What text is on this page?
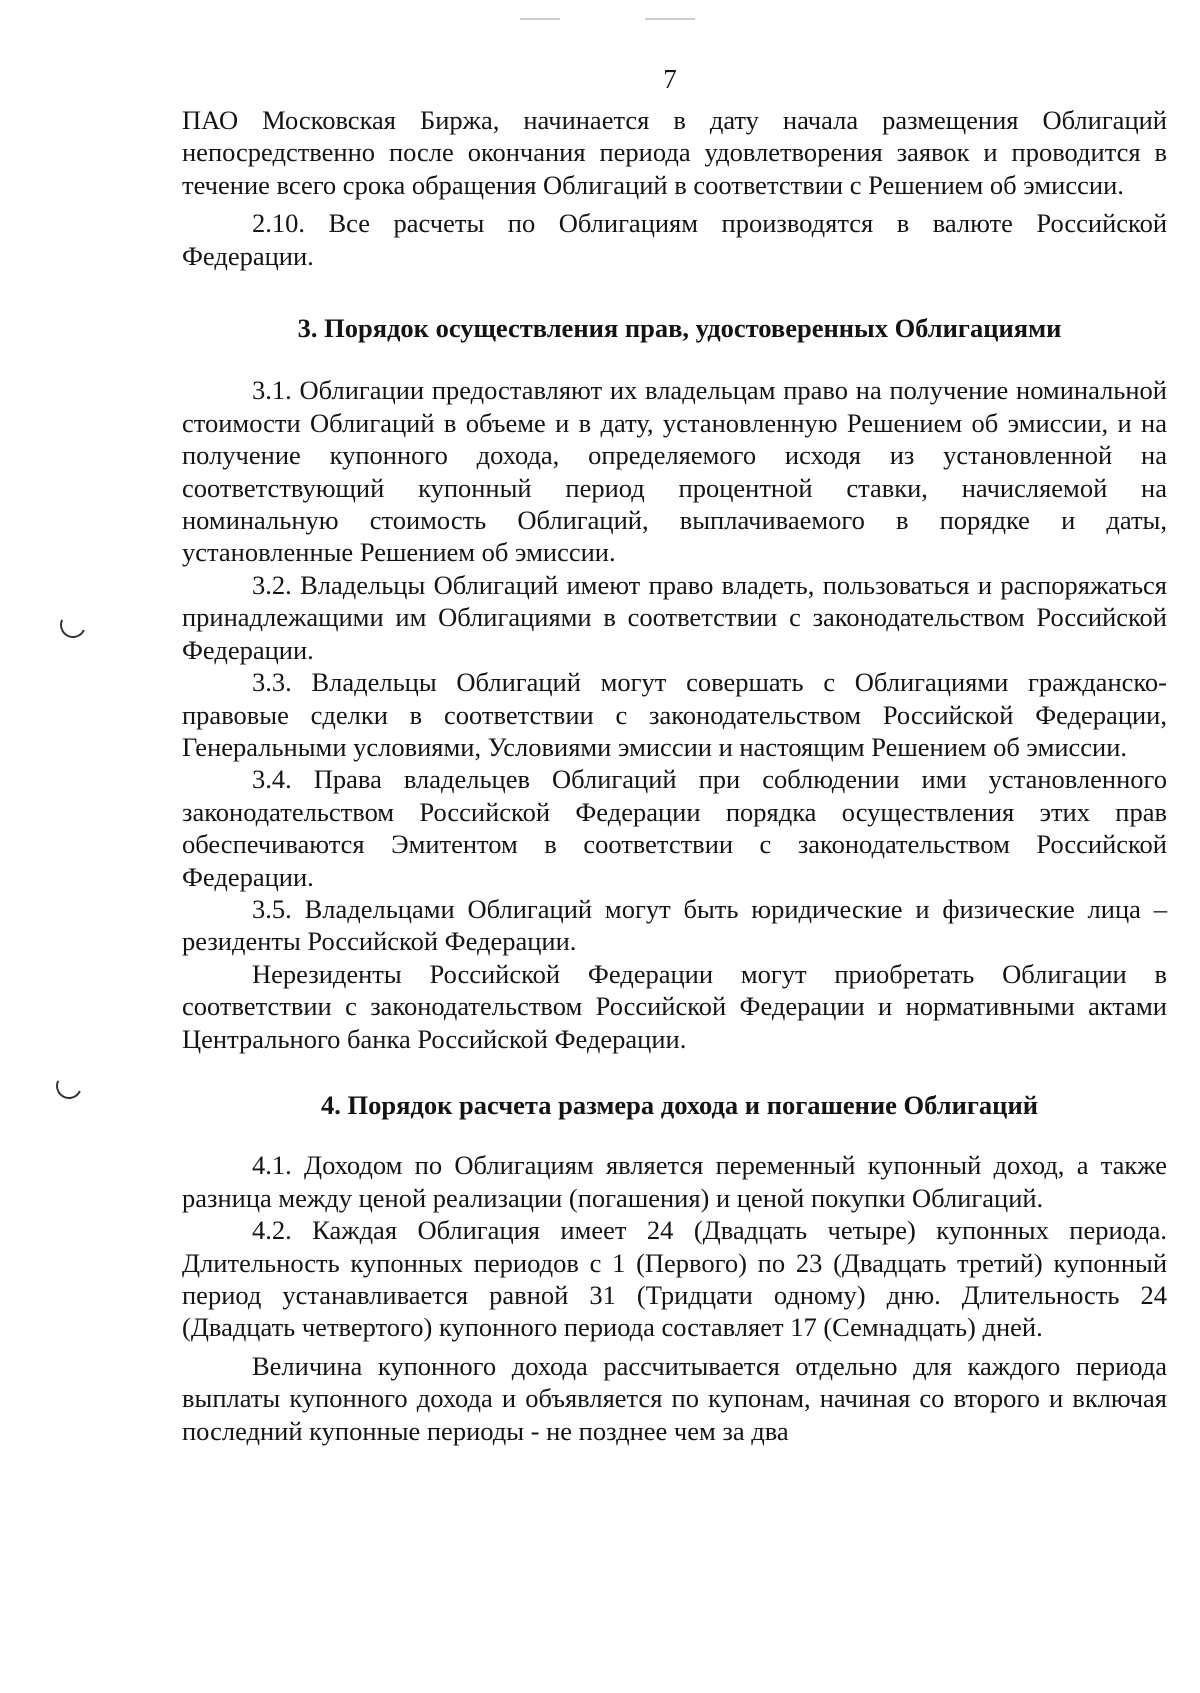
7

ПАО Московская Биржа, начинается в дату начала размещения Облигаций непосредственно после окончания периода удовлетворения заявок и проводится в течение всего срока обращения Облигаций в соответствии с Решением об эмиссии.

2.10. Все расчеты по Облигациям производятся в валюте Российской Федерации.

3. Порядок осуществления прав, удостоверенных Облигациями

3.1. Облигации предоставляют их владельцам право на получение номинальной стоимости Облигаций в объеме и в дату, установленную Решением об эмиссии, и на получение купонного дохода, определяемого исходя из установленной на соответствующий купонный период процентной ставки, начисляемой на номинальную стоимость Облигаций, выплачиваемого в порядке и даты, установленные Решением об эмиссии.

3.2. Владельцы Облигаций имеют право владеть, пользоваться и распоряжаться принадлежащими им Облигациями в соответствии с законодательством Российской Федерации.

3.3. Владельцы Облигаций могут совершать с Облигациями гражданско-правовые сделки в соответствии с законодательством Российской Федерации, Генеральными условиями, Условиями эмиссии и настоящим Решением об эмиссии.

3.4. Права владельцев Облигаций при соблюдении ими установленного законодательством Российской Федерации порядка осуществления этих прав обеспечиваются Эмитентом в соответствии с законодательством Российской Федерации.

3.5. Владельцами Облигаций могут быть юридические и физические лица – резиденты Российской Федерации.

Нерезиденты Российской Федерации могут приобретать Облигации в соответствии с законодательством Российской Федерации и нормативными актами Центрального банка Российской Федерации.

4. Порядок расчета размера дохода и погашение Облигаций

4.1. Доходом по Облигациям является переменный купонный доход, а также разница между ценой реализации (погашения) и ценой покупки Облигаций.

4.2. Каждая Облигация имеет 24 (Двадцать четыре) купонных периода. Длительность купонных периодов с 1 (Первого) по 23 (Двадцать третий) купонный период устанавливается равной 31 (Тридцати одному) дню. Длительность 24 (Двадцать четвертого) купонного периода составляет 17 (Семнадцать) дней.

Величина купонного дохода рассчитывается отдельно для каждого периода выплаты купонного дохода и объявляется по купонам, начиная со второго и включая последний купонные периоды - не позднее чем за два
